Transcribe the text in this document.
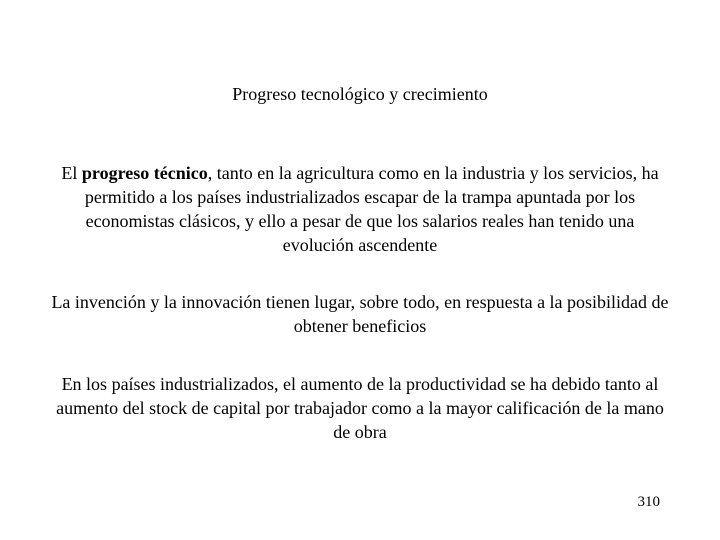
Progreso tecnológico y crecimiento
El progreso técnico, tanto en la agricultura como en la industria y los servicios, ha permitido a los países industrializados escapar de la trampa apuntada por los economistas clásicos, y ello a pesar de que los salarios reales han tenido una evolución ascendente
La invención y la innovación tienen lugar, sobre todo, en respuesta a la posibilidad de obtener beneficios
En los países industrializados, el aumento de la productividad se ha debido tanto al aumento del stock de capital por trabajador como a la mayor calificación de la mano de obra
310
